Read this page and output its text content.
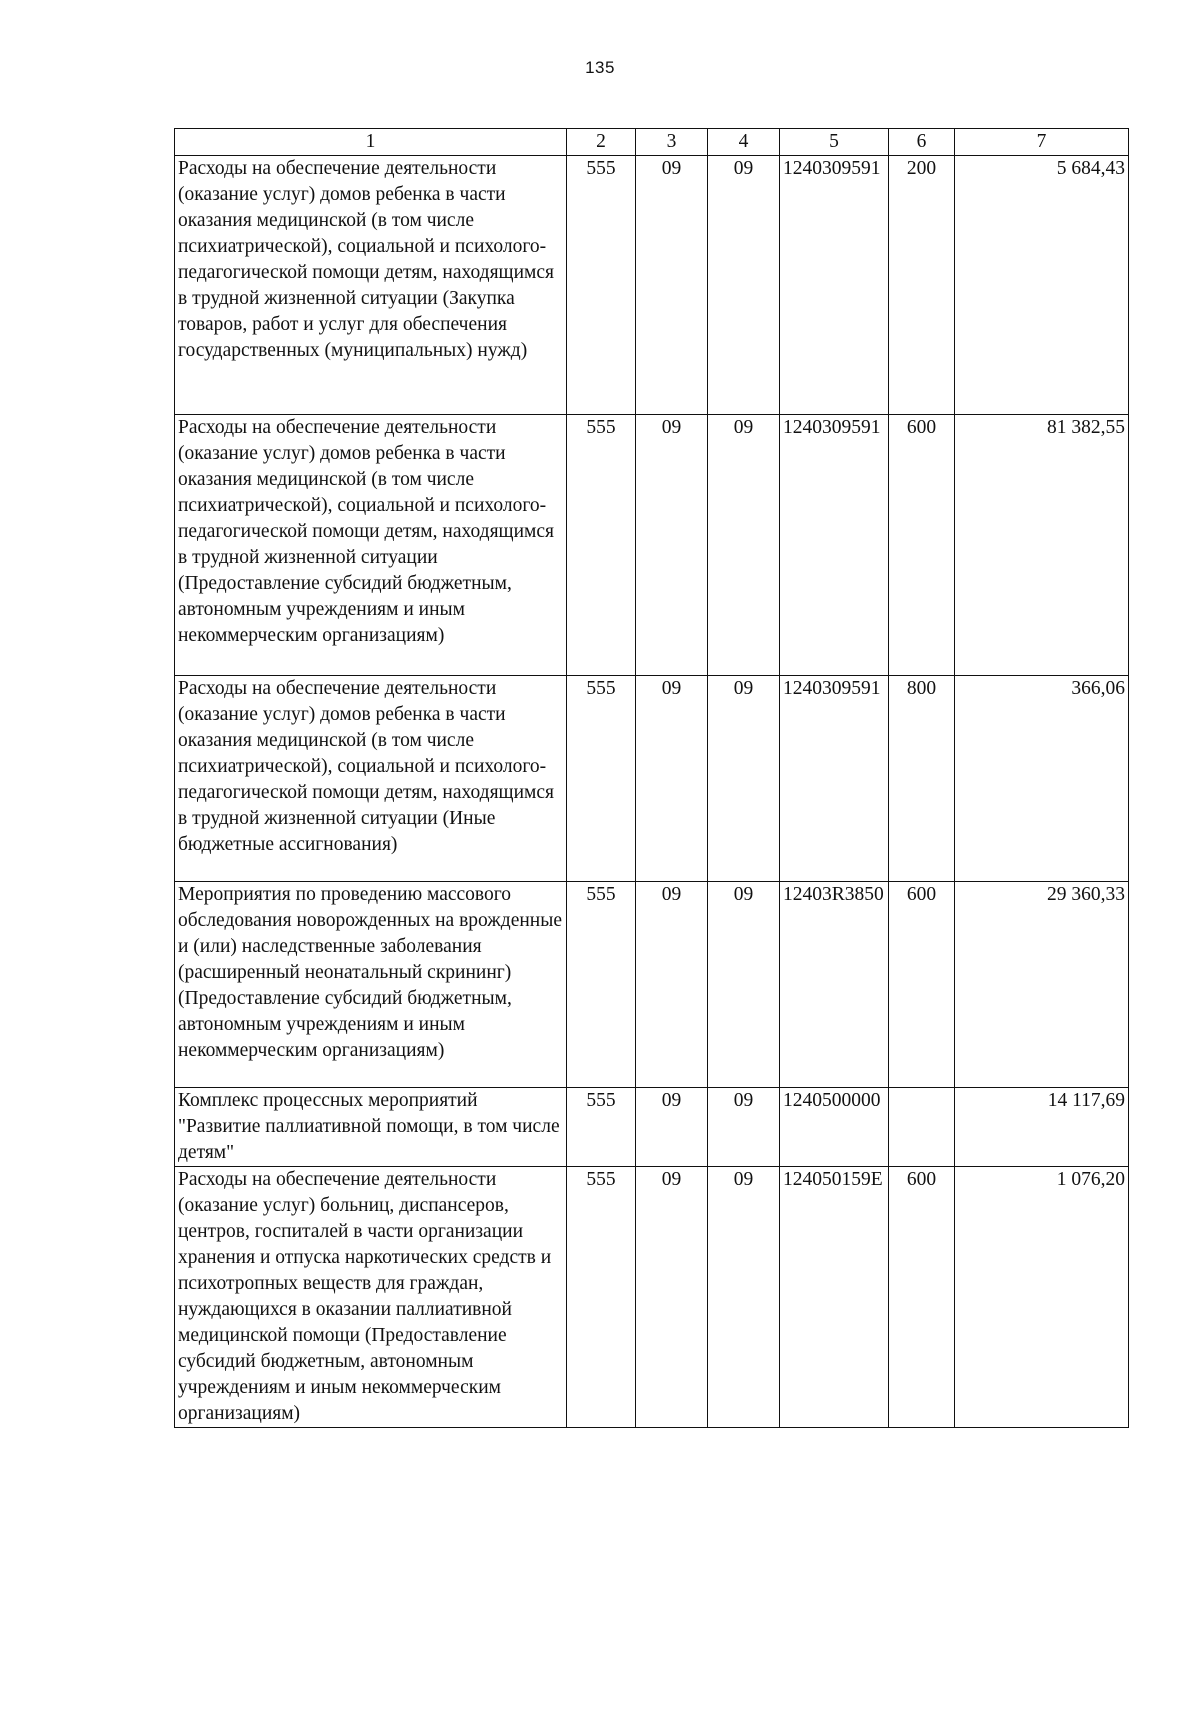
135
1	2	3	4	5	6	7
Расходы на обеспечение деятельности (оказание услуг) домов ребенка в части оказания медицинской (в том числе психиатрической), социальной и психолого-педагогической помощи детям, находящимся в трудной жизненной ситуации (Закупка товаров, работ и услуг для обеспечения государственных (муниципальных) нужд)	555	09	09	1240309591	200	5 684,43
Расходы на обеспечение деятельности (оказание услуг) домов ребенка в части оказания медицинской (в том числе психиатрической), социальной и психолого-педагогической помощи детям, находящимся в трудной жизненной ситуации (Предоставление субсидий бюджетным, автономным учреждениям и иным некоммерческим организациям)	555	09	09	1240309591	600	81 382,55
Расходы на обеспечение деятельности (оказание услуг) домов ребенка в части оказания медицинской (в том числе психиатрической), социальной и психолого-педагогической помощи детям, находящимся в трудной жизненной ситуации (Иные бюджетные ассигнования)	555	09	09	1240309591	800	366,06
Мероприятия по проведению массового обследования новорожденных на врожденные и (или) наследственные заболевания (расширенный неонатальный скрининг) (Предоставление субсидий бюджетным, автономным учреждениям и иным некоммерческим организациям)	555	09	09	12403R3850	600	29 360,33
Комплекс процессных мероприятий "Развитие паллиативной помощи, в том числе детям"	555	09	09	1240500000		14 117,69
Расходы на обеспечение деятельности (оказание услуг) больниц, диспансеров, центров, госпиталей в части организации хранения и отпуска наркотических средств и психотропных веществ для граждан, нуждающихся в оказании паллиативной медицинской помощи (Предоставление субсидий бюджетным, автономным учреждениям и иным некоммерческим организациям)	555	09	09	124050159E	600	1 076,20
